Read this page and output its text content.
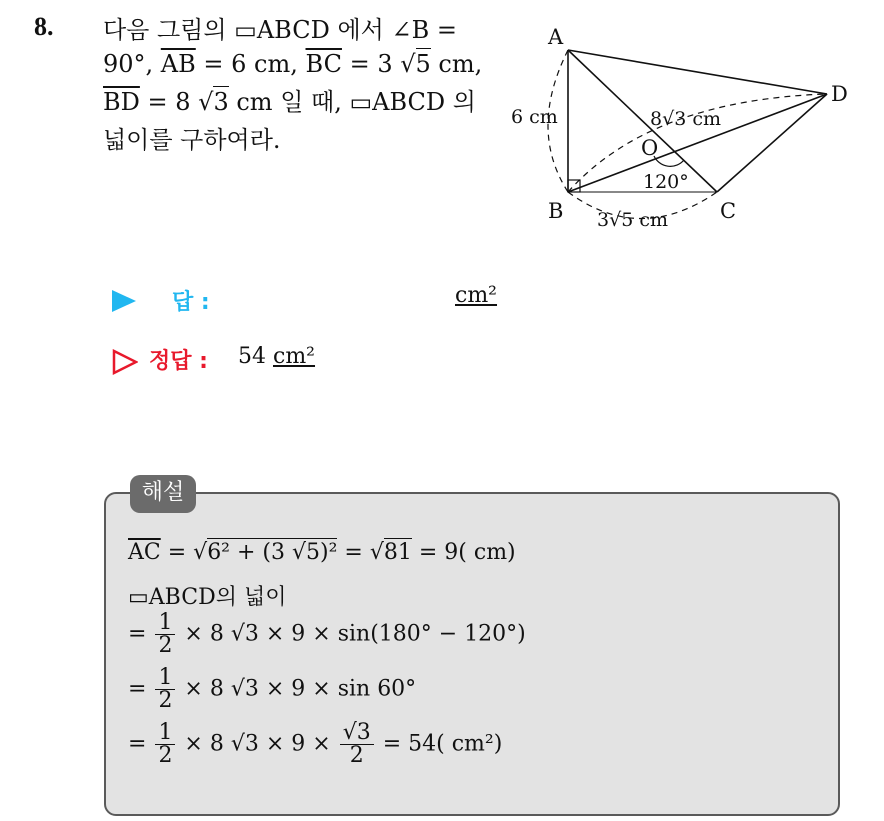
8. 다음 그림의 ▭ABCD 에서 ∠B =
90°, $\overline{AB} = 6$ cm, $\overline{BC} = 3$ √5 cm,
$\overline{BD} = 8$ √3 cm 일 때, ▭ABCD 의
넓이를 구하여라.
A
B	C
D
O
6 cm	8√3 cm
120°
3√5 cm
답 :	cm²
정답 : 54 cm²
해설
$\overline{AC} = √6^2 + (3$ √5)² = √81 = 9( cm)
▭ABCD의 넓이
= $\frac{1}{2} \times 8$ √3 × 9 × sin(180° − 120°)
= $\frac{1}{2} \times 8$ √3 × 9 × sin 60°
= $\frac{1}{2} \times 8$ $√3 \times 9 \times \frac{√3}{2} = 54$( cm²)
